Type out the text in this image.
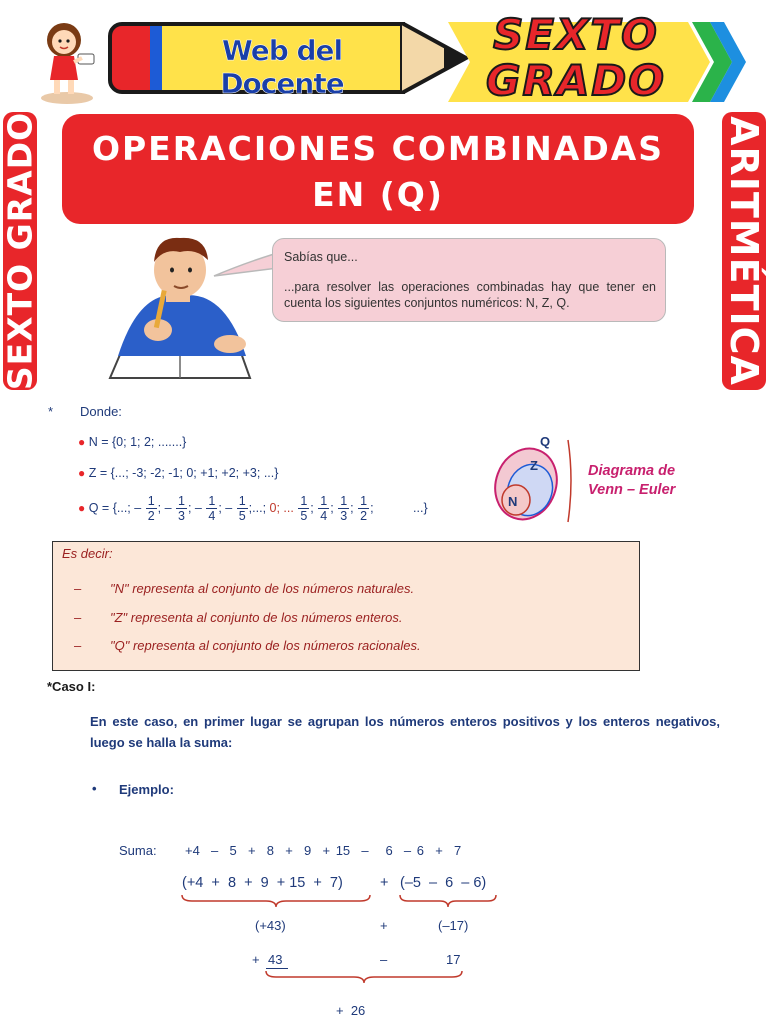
Web del Docente
SEXTO
GRADO
SEXTO GRADO	ARITMÉTICA
OPERACIONES COMBINADAS
EN (Q)
Sabías que...
...para resolver las operaciones combinadas hay que tener en cuenta los siguientes conjuntos numéricos: N, Z, Q.
* Donde:
● N = {0; 1; 2; .......}
● Z = {...; -3; -2; -1; 0; +1; +2; +3; ...}
● Q = {...; – $\frac{1}{2}$ ; – $\frac{1}{3}$ ; – $\frac{1}{4}$ ; – $\frac{1}{5}$ ;...; 0; ... $\frac{1}{5}$ ; $\frac{1}{4}$ ; $\frac{1}{3}$ ; $\frac{1}{2}$ ;	...}
Q
Z
N
Diagrama de
Venn – Euler
Es decir:
– "N" representa al conjunto de los números naturales.
– "Z" representa al conjunto de los números enteros.
– "Q" representa al conjunto de los números racionales.
*Caso I:
En este caso, en primer lugar se agrupan los números enteros positivos y los enteros negativos, luego se halla la suma:
• Ejemplo:
Suma: +4  –  5  +  8  +  9  + 15  –   6  – 6  +  7
(+4  +  8  +  9  + 15  +  7)	+ (–5  –  6  – 6)
(+43)	+	(–17)
+ 43	–	17
+  26
